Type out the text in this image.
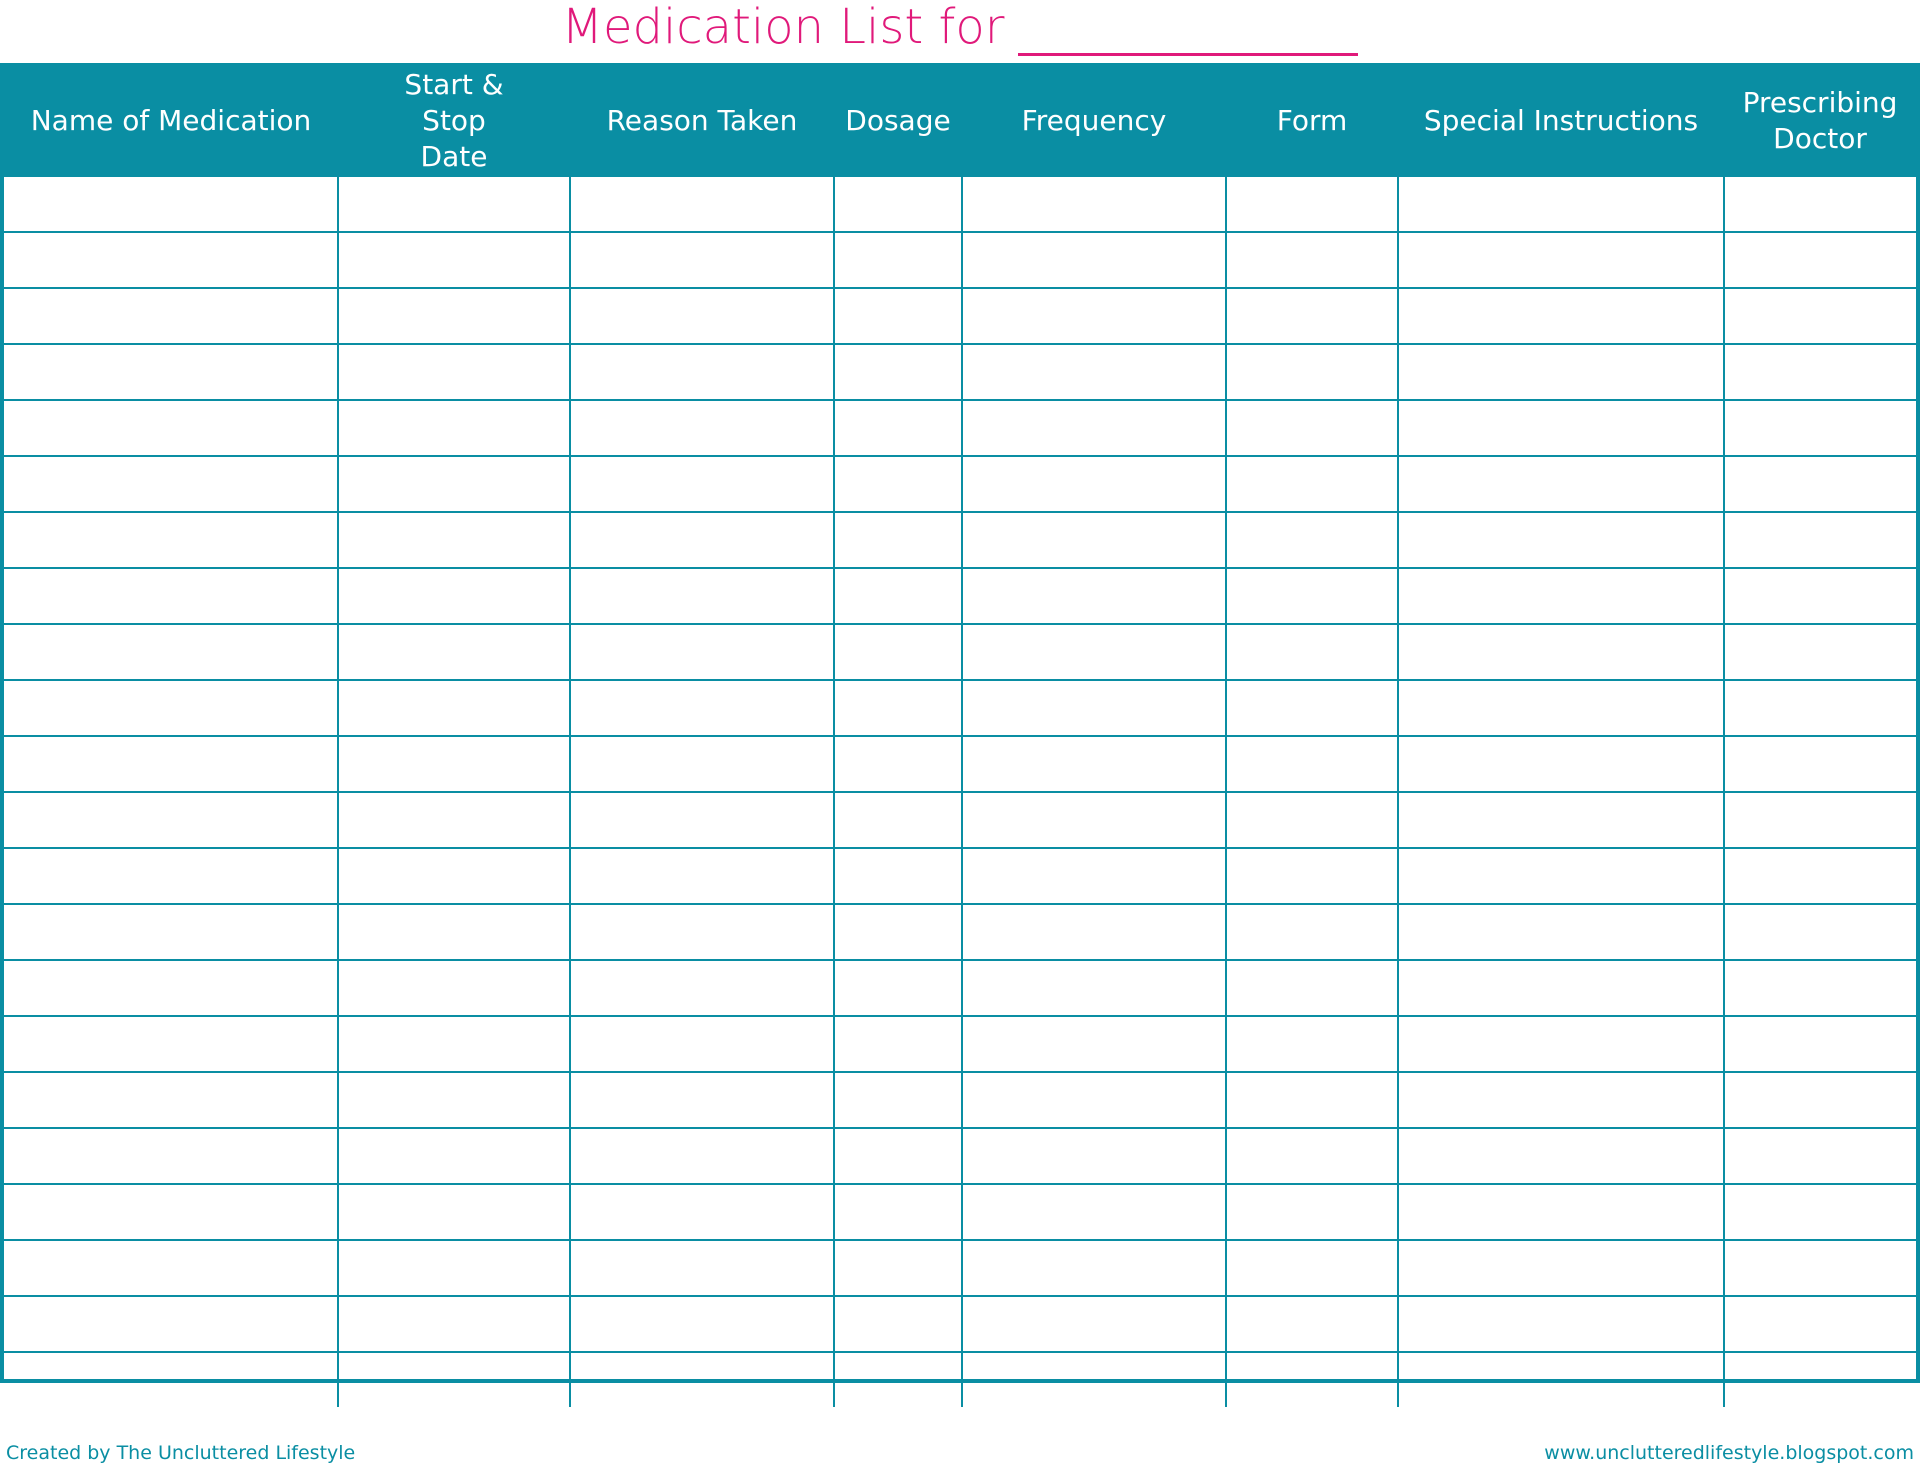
Medication List for
Name of Medication	Start & Stop Date	Reason Taken	Dosage	Frequency	Form	Special Instructions	Prescribing Doctor

Created by The Uncluttered Lifestyle	www.unclutteredlifestyle.blogspot.com
